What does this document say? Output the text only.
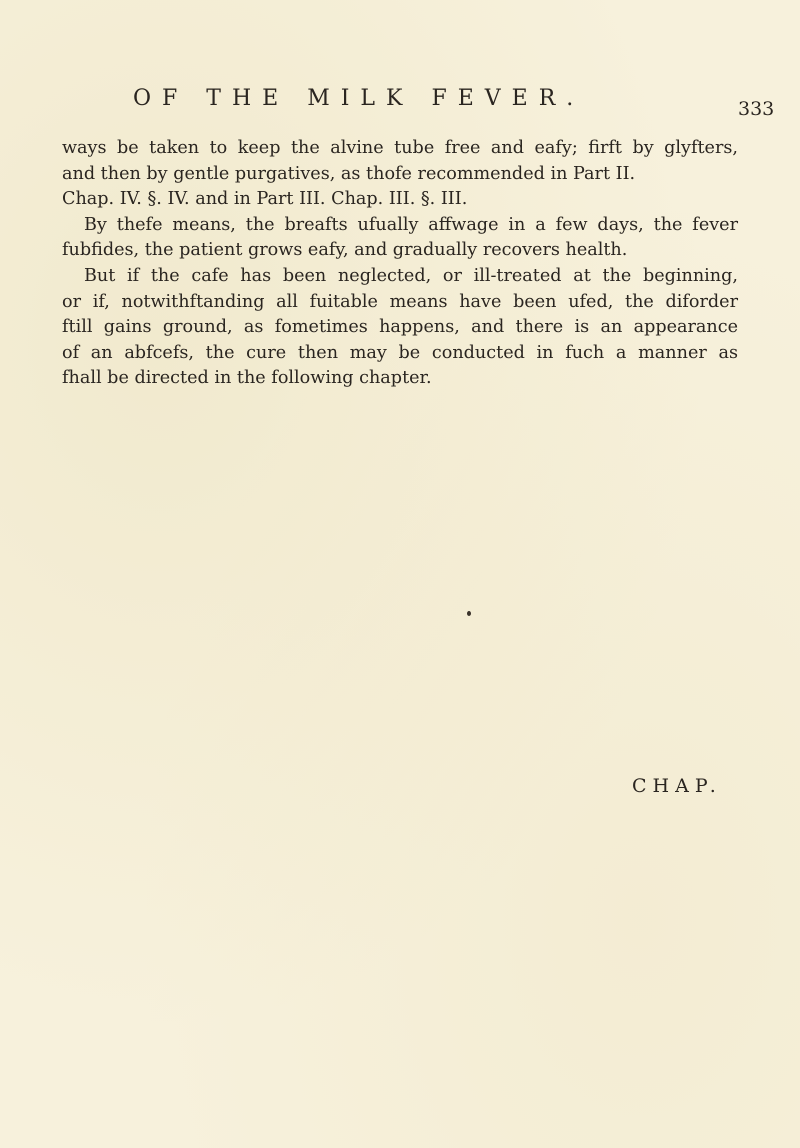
OF THE MILK FEVER.	333
ways be taken to keep the alvine tube free and eafy; firft by glyfters,
and then by gentle purgatives, as thofe recommended in Part II.
Chap. IV. §. IV. and in Part III. Chap. III. §. III.
By thefe means, the breafts ufually affwage in a few days, the fever
fubfides, the patient grows eafy, and gradually recovers health.
But if the cafe has been neglected, or ill-treated at the beginning,
or if, notwithftanding all fuitable means have been ufed, the diforder
ftill gains ground, as fometimes happens, and there is an appearance
of an abfcefs, the cure then may be conducted in fuch a manner as
fhall be directed in the following chapter.
CHAP.
